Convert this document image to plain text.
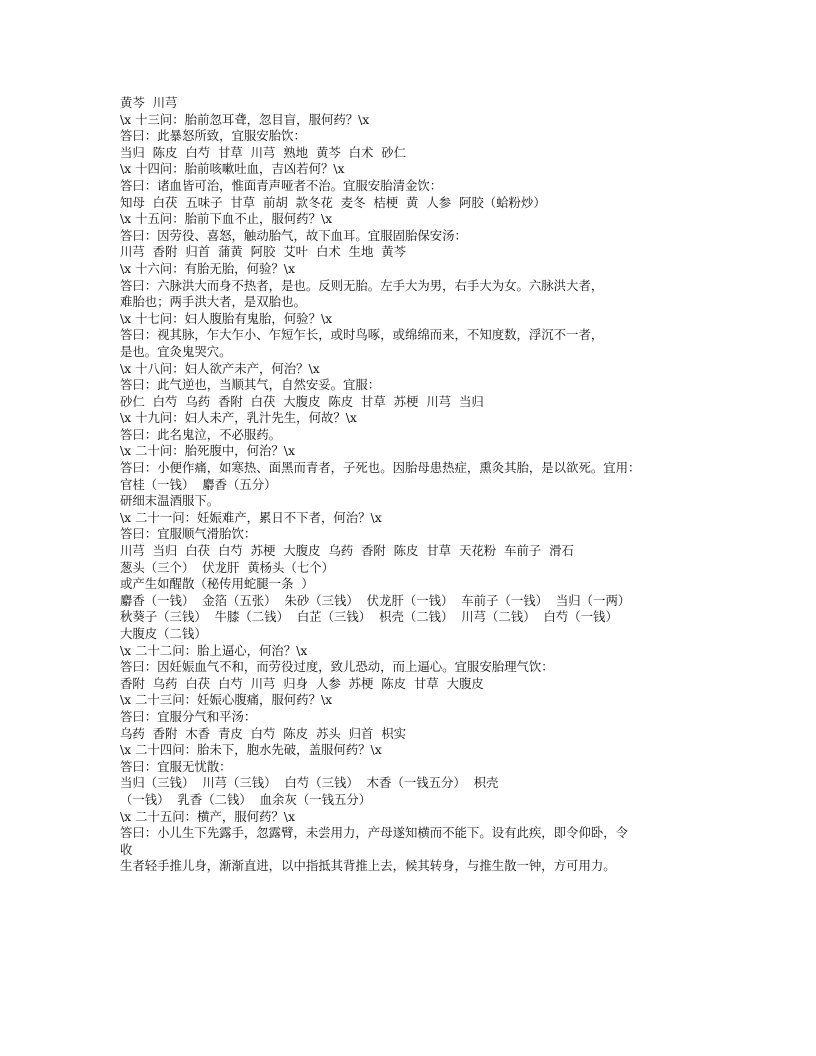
黄芩  川芎

\x 十三问：胎前忽耳聋，忽目盲，服何药？\x

答曰：此暴怒所致，宜服安胎饮：

当归  陈皮  白芍  甘草  川芎  熟地  黄芩  白术  砂仁

\x 十四问：胎前咳嗽吐血，吉凶若何？\x

答曰：诸血皆可治，惟面青声哑者不治。宜服安胎清金饮：

知母  白茯  五味子  甘草  前胡  款冬花  麦冬  桔梗  黄  人参  阿胶（蛤粉炒）

\x 十五问：胎前下血不止，服何药？\x

答曰：因劳役、喜怒，触动胎气，故下血耳。宜服固胎保安汤：

川芎  香附  归首  蒲黄  阿胶  艾叶  白术  生地  黄芩

\x 十六问：有胎无胎，何验？\x

答曰：六脉洪大而身不热者，是也。反则无胎。左手大为男，右手大为女。六脉洪大者，

难胎也；两手洪大者，是双胎也。

\x 十七问：妇人腹胎有鬼胎，何验？\x

答曰：视其脉，乍大乍小、乍短乍长，或时鸟啄，或绵绵而来，不知度数，浮沉不一者，

是也。宜灸鬼哭穴。

\x 十八问：妇人欲产未产，何治？\x

答曰：此气逆也，当顺其气，自然安妥。宜服：

砂仁  白芍  乌药  香附  白茯  大腹皮  陈皮  甘草  苏梗  川芎  当归

\x 十九问：妇人未产，乳汁先生，何故？\x

答曰：此名鬼泣，不必服药。

\x 二十问：胎死腹中，何治？\x

答曰：小便作痛，如寒热、面黑而青者，子死也。因胎母患热症，熏灸其胎，是以欲死。宜用：

官桂（一钱）  麝香（五分）

研细末温酒服下。

\x 二十一问：妊娠难产，累日不下者，何治？\x

答曰：宜服顺气滑胎饮：

川芎  当归  白茯  白芍  苏梗  大腹皮  乌药  香附  陈皮  甘草  天花粉  车前子  滑石

葱头（三个）  伏龙肝  黄杨头（七个）

或产生如醒散（秘传用蛇腿一条  ）

麝香（一钱）  金箔（五张）  朱砂（三钱）  伏龙肝（一钱）  车前子（一钱）  当归（一两）

秋葵子（三钱）  牛膝（二钱）  白芷（三钱）  枳壳（二钱）  川芎（二钱）  白芍（一钱）

大腹皮（二钱）

\x 二十二问：胎上逼心，何治？\x

答曰：因妊娠血气不和，而劳役过度，致儿恐动，而上逼心。宜服安胎理气饮：

香附  乌药  白茯  白芍  川芎  归身  人参  苏梗  陈皮  甘草  大腹皮

\x 二十三问：妊娠心腹痛，服何药？\x

答曰：宜服分气和平汤：

乌药  香附  木香  青皮  白芍  陈皮  苏头  归首  枳实

\x 二十四问：胎未下，胞水先破，盖服何药？\x

答曰：宜服无忧散：

当归（三钱）  川芎（三钱）  白芍（三钱）  木香（一钱五分）  枳壳

（一钱）  乳香（二钱）  血余灰（一钱五分）

\x 二十五问：横产，服何药？\x

答曰：小儿生下先露手，忽露臂，未尝用力，产母遂知横而不能下。设有此疾，即令仰卧，令

收

生者轻手推儿身，渐渐直进，以中指抵其背推上去，候其转身，与推生散一钟，方可用力。
